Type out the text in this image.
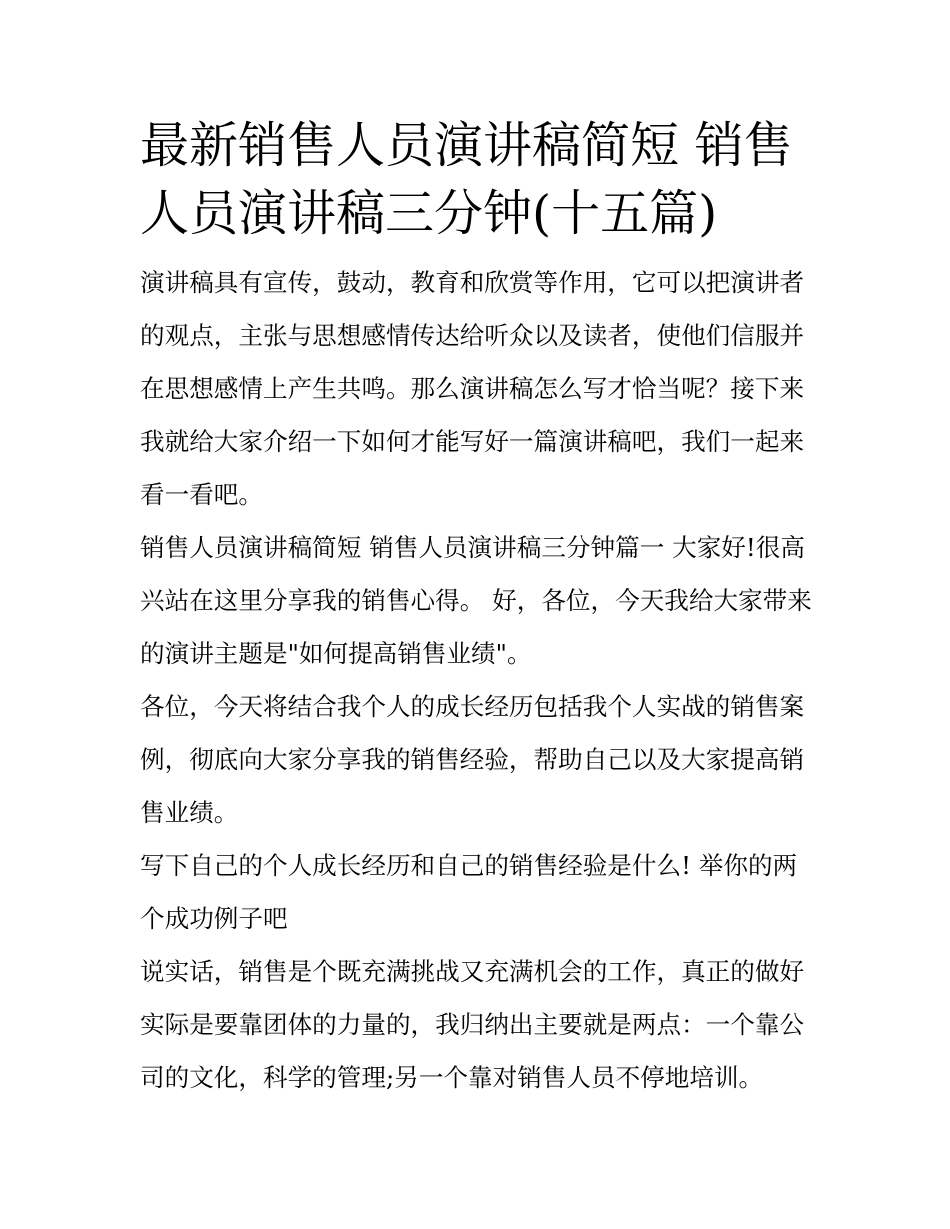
最新销售人员演讲稿简短 销售人员演讲稿三分钟(十五篇)

演讲稿具有宣传，鼓动，教育和欣赏等作用，它可以把演讲者的观点，主张与思想感情传达给听众以及读者，使他们信服并在思想感情上产生共鸣。那么演讲稿怎么写才恰当呢？接下来我就给大家介绍一下如何才能写好一篇演讲稿吧，我们一起来看一看吧。

销售人员演讲稿简短 销售人员演讲稿三分钟篇一 大家好!很高兴站在这里分享我的销售心得。 好，各位，今天我给大家带来的演讲主题是"如何提高销售业绩"。

各位，今天将结合我个人的成长经历包括我个人实战的销售案例，彻底向大家分享我的销售经验，帮助自己以及大家提高销售业绩。

写下自己的个人成长经历和自己的销售经验是什么! 举你的两个成功例子吧

说实话，销售是个既充满挑战又充满机会的工作，真正的做好实际是要靠团体的力量的，我归纳出主要就是两点：一个靠公司的文化，科学的管理;另一个靠对销售人员不停地培训。
